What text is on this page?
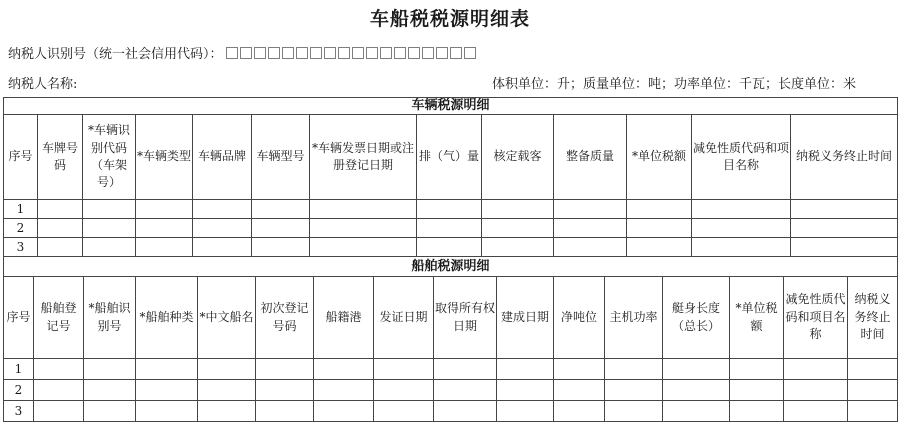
车船税税源明细表
纳税人识别号（统一社会信用代码）：
纳税人名称:	体积单位：升；质量单位：吨；功率单位：千瓦；长度单位：米
车辆税源明细												
序号	车牌号码	*车辆识别代码（车架号）	*车辆类型	车辆品牌	车辆型号	*车辆发票日期或注册登记日期	排（气）量	核定载客	整备质量	*单位税额	减免性质代码和项目名称	纳税义务终止时间
1												
2												
3												
船舶税源明细															
序号	船舶登记号	*船舶识别号	*船舶种类	*中文船名	初次登记号码	船籍港	发证日期	取得所有权日期	建成日期	净吨位	主机功率	艇身长度（总长）	*单位税额	减免性质代码和项目名称	纳税义务终止时间
1															
2															
3															
